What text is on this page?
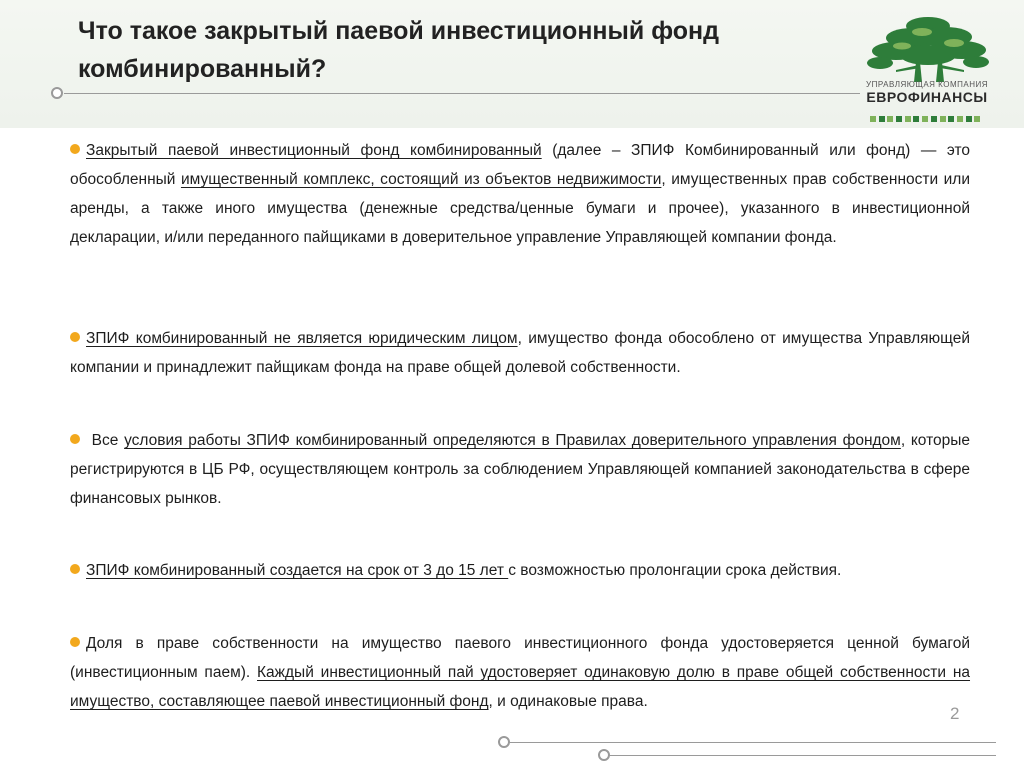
Что такое закрытый паевой инвестиционный фонд
комбинированный?
УПРАВЛЯЮЩАЯ КОМПАНИЯ
ЕВРОФИНАНСЫ
Закрытый паевой инвестиционный фонд комбинированный (далее – ЗПИФ Комбинированный или фонд) — это обособленный имущественный комплекс, состоящий из объектов недвижимости, имущественных прав собственности или аренды, а также иного имущества (денежные средства/ценные бумаги и прочее), указанного в инвестиционной декларации, и/или переданного пайщиками в доверительное управление Управляющей компании фонда.
ЗПИФ комбинированный не является юридическим лицом, имущество фонда обособлено от имущества Управляющей компании и принадлежит пайщикам фонда на праве общей долевой собственности.
Все условия работы ЗПИФ комбинированный определяются в Правилах доверительного управления фондом, которые регистрируются в ЦБ РФ, осуществляющем контроль за соблюдением Управляющей компанией законодательства в сфере финансовых рынков.
ЗПИФ комбинированный создается на срок от 3 до 15 лет с возможностью пролонгации срока действия.
Доля в праве собственности на имущество паевого инвестиционного фонда удостоверяется ценной бумагой (инвестиционным паем). Каждый инвестиционный пай удостоверяет одинаковую долю в праве общей собственности на имущество, составляющее паевой инвестиционный фонд, и одинаковые права.
2
